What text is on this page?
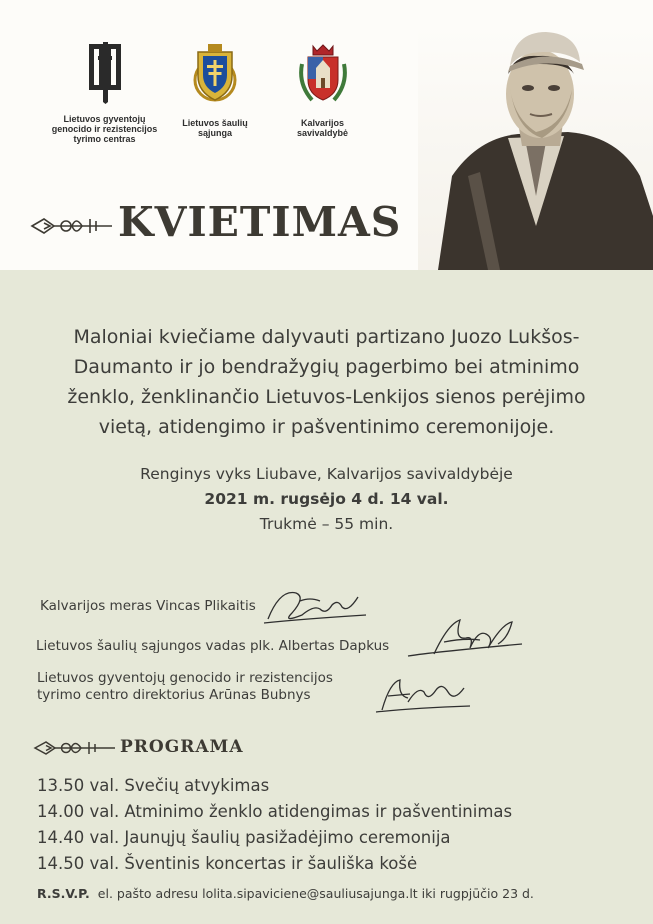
Lietuvos gyventojų
genocido ir rezistencijos
tyrimo centras
Lietuvos šaulių
sąjunga
Kalvarijos
savivaldybė
KVIETIMAS
Maloniai kviečiame dalyvauti partizano Juozo Lukšos-
Daumanto ir jo bendražygių pagerbimo bei atminimo
ženklo, ženklinančio Lietuvos-Lenkijos sienos perėjimo
vietą, atidengimo ir pašventinimo ceremonijoje.
Renginys vyks Liubave, Kalvarijos savivaldybėje
2021 m. rugsėjo 4 d. 14 val.
Trukmė – 55 min.
Kalvarijos meras Vincas Plikaitis
Lietuvos šaulių sąjungos vadas plk. Albertas Dapkus
Lietuvos gyventojų genocido ir rezistencijos
tyrimo centro direktorius Arūnas Bubnys
PROGRAMA
13.50 val. Svečių atvykimas
14.00 val. Atminimo ženklo atidengimas ir pašventinimas
14.40 val. Jaunųjų šaulių pasižadėjimo ceremonija
14.50 val. Šventinis koncertas ir šauliška košė
R.S.V.P. el. pašto adresu lolita.sipaviciene@sauliusajunga.lt iki rugpjūčio 23 d.
